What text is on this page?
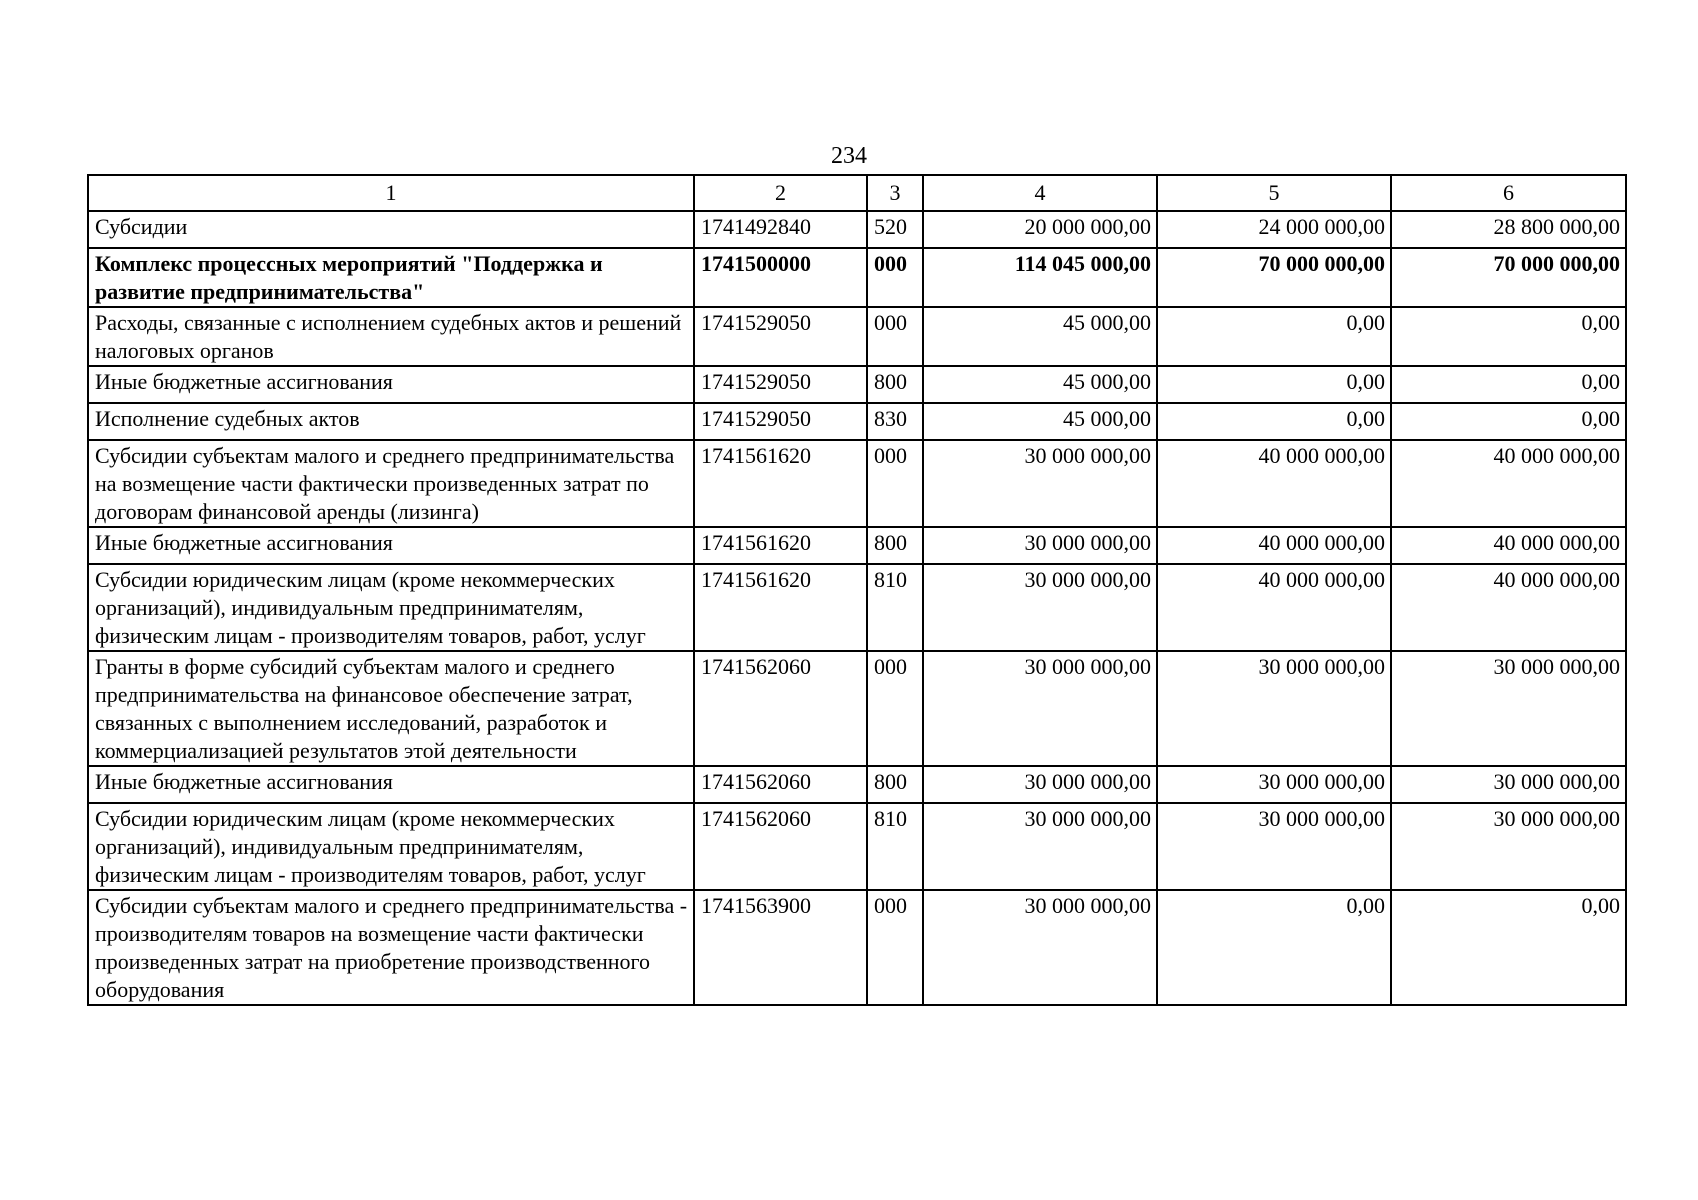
234
1	2	3	4	5	6
Субсидии	1741492840	520	20 000 000,00	24 000 000,00	28 800 000,00
Комплекс процессных мероприятий "Поддержка и развитие предпринимательства"	1741500000	000	114 045 000,00	70 000 000,00	70 000 000,00
Расходы, связанные с исполнением судебных актов и решений налоговых органов	1741529050	000	45 000,00	0,00	0,00
Иные бюджетные ассигнования	1741529050	800	45 000,00	0,00	0,00
Исполнение судебных актов	1741529050	830	45 000,00	0,00	0,00
Субсидии субъектам малого и среднего предпринимательства на возмещение части фактически произведенных затрат по договорам финансовой аренды (лизинга)	1741561620	000	30 000 000,00	40 000 000,00	40 000 000,00
Иные бюджетные ассигнования	1741561620	800	30 000 000,00	40 000 000,00	40 000 000,00
Субсидии юридическим лицам (кроме некоммерческих организаций), индивидуальным предпринимателям, физическим лицам - производителям товаров, работ, услуг	1741561620	810	30 000 000,00	40 000 000,00	40 000 000,00
Гранты в форме субсидий субъектам малого и среднего предпринимательства на финансовое обеспечение затрат, связанных с выполнением исследований, разработок и коммерциализацией результатов этой деятельности	1741562060	000	30 000 000,00	30 000 000,00	30 000 000,00
Иные бюджетные ассигнования	1741562060	800	30 000 000,00	30 000 000,00	30 000 000,00
Субсидии юридическим лицам (кроме некоммерческих организаций), индивидуальным предпринимателям, физическим лицам - производителям товаров, работ, услуг	1741562060	810	30 000 000,00	30 000 000,00	30 000 000,00
Субсидии субъектам малого и среднего предпринимательства - производителям товаров на возмещение части фактически произведенных затрат на приобретение производственного оборудования	1741563900	000	30 000 000,00	0,00	0,00
